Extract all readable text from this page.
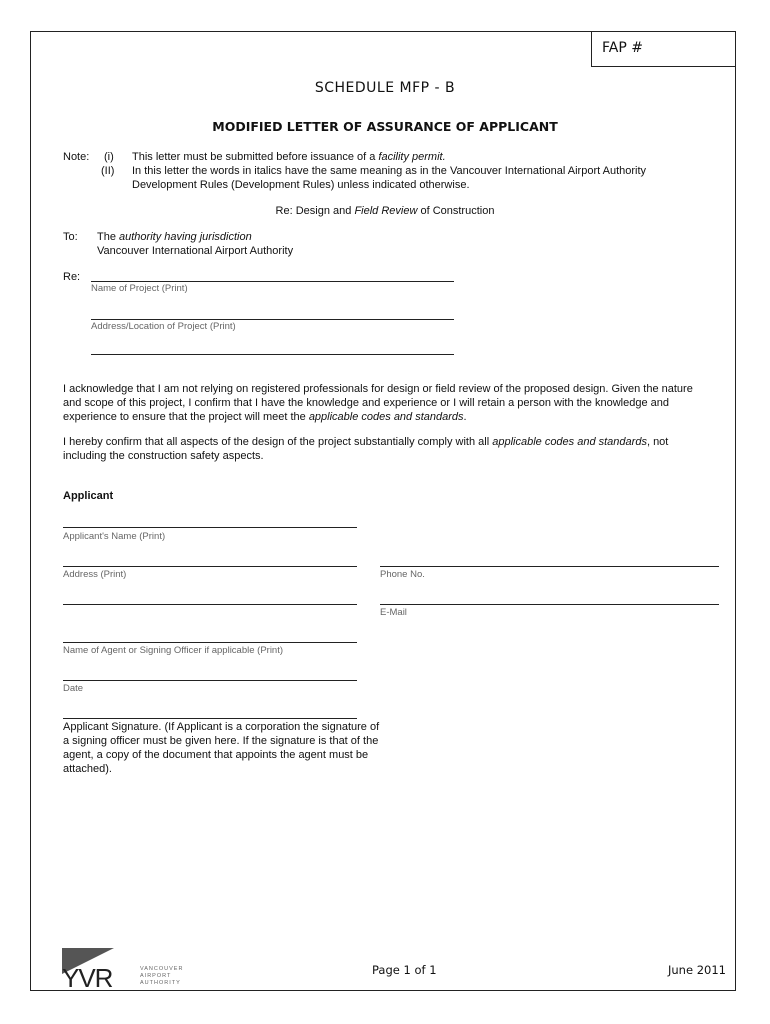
FAP #
SCHEDULE MFP - B
MODIFIED LETTER OF ASSURANCE OF APPLICANT
Note: (i) This letter must be submitted before issuance of a facility permit.
(II) In this letter the words in italics have the same meaning as in the Vancouver International Airport Authority
Development Rules (Development Rules) unless indicated otherwise.
Re: Design and Field Review of Construction
To: The authority having jurisdiction
Vancouver International Airport Authority
Re:
Name of Project (Print)
Address/Location of Project (Print)
I acknowledge that I am not relying on registered professionals for design or field review of the proposed design. Given the nature and scope of this project, I confirm that I have the knowledge and experience or I will retain a person with the knowledge and experience to ensure that the project will meet the applicable codes and standards.
I hereby confirm that all aspects of the design of the project substantially comply with all applicable codes and standards, not including the construction safety aspects.
Applicant
Applicant's Name (Print)
Address (Print)	Phone No.
E-Mail
Name of Agent or Signing Officer if applicable (Print)
Date
Applicant Signature. (If Applicant is a corporation the signature of a signing officer must be given here. If the signature is that of the agent, a copy of the document that appoints the agent must be attached).
YVR	VANCOUVER
AIRPORT
AUTHORITY
Page 1 of 1	June 2011
